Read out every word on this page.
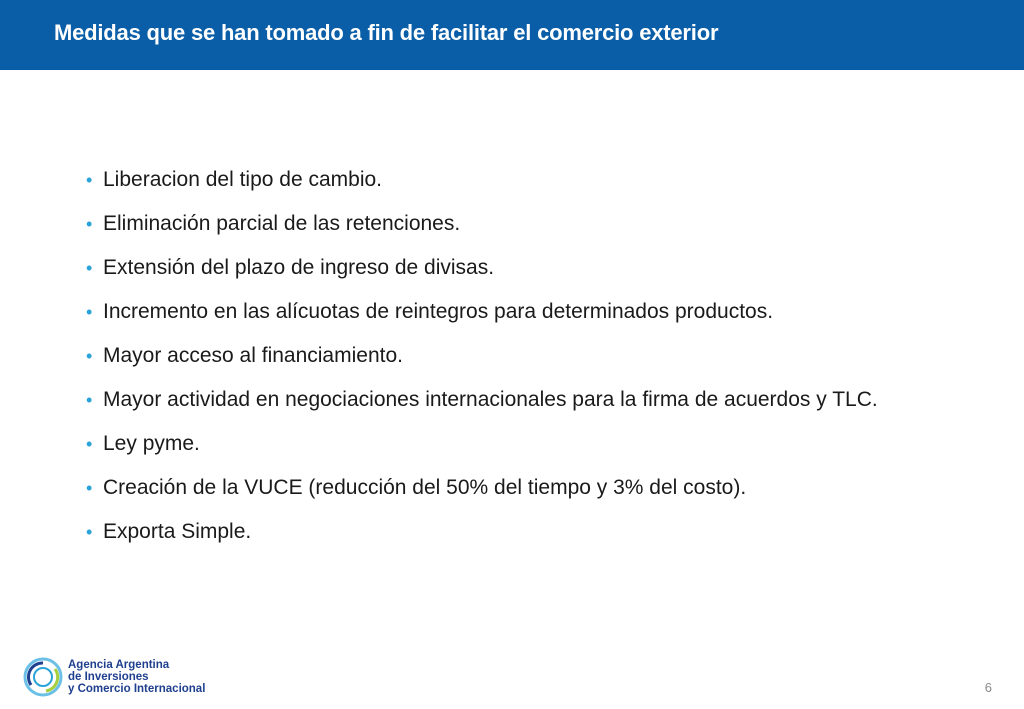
Medidas que se han tomado a fin de facilitar el comercio exterior
• Liberacion del tipo de cambio.
• Eliminación parcial de las retenciones.
• Extensión del plazo de ingreso de divisas.
• Incremento en las alícuotas de reintegros para determinados productos.
• Mayor acceso al financiamiento.
• Mayor actividad en negociaciones internacionales para la firma de acuerdos y TLC.
• Ley pyme.
• Creación de la VUCE (reducción del 50% del tiempo y 3% del costo).
• Exporta Simple.
Agencia Argentina
de Inversiones
y Comercio Internacional	6
